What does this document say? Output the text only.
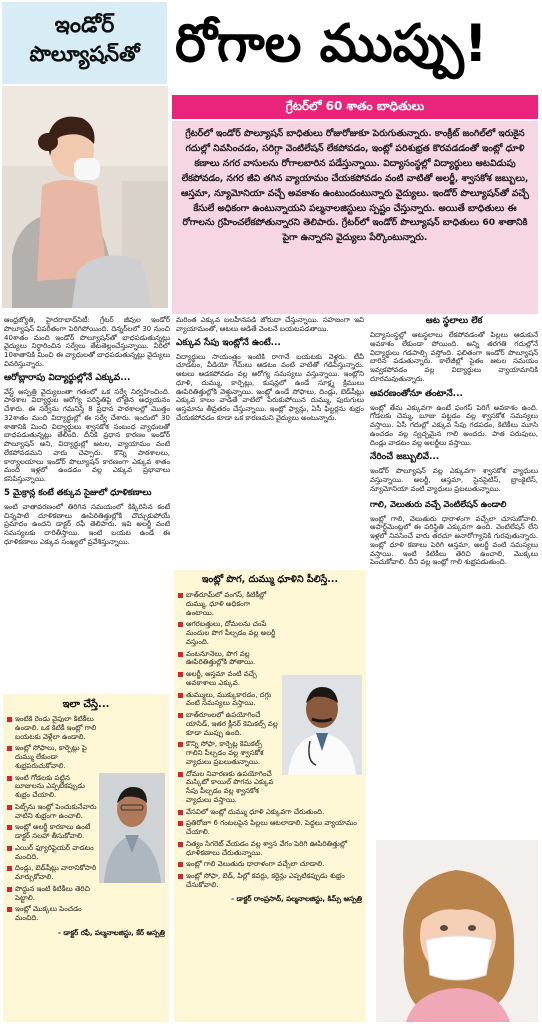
ఇండోర్
పొల్యూషన్‌తో రోగాల ముప్పు!
గ్రేటర్‌లో 60 శాతం బాధితులు

గ్రేటర్‌లో ఇండోర్ పొల్యూషన్ బాధితులు రోజురోజుకూ పెరుగుతున్నారు. కాంక్రీట్ జంగిల్‌లో ఇరుకైన గదుల్లో నివసించడం, సరిగ్గా వెంటిలేషన్ లేకపోవడం, ఇంట్లో పరిశుభ్రత కొరవడడంతో ఇంట్లో ధూళి కణాలు నగర వాసులను రోగాలబారిన పడేస్తున్నాయి. విద్యాసంస్థల్లో విద్యార్థులు ఆటవిడుపు లేకపోవడం, నగర జీవి తగిన వ్యాయామం చేయకపోవడం వంటి వాటితో అలర్జీ, శ్వాసకోశ జబ్బులు, ఆస్తమా, న్యూమోనియా వచ్చే అవకాశం ఉంటుందంటున్నారు వైద్యులు. ఇండోర్ పొల్యూషన్‌తో వచ్చే కేసులే అధికంగా ఉంటున్నాయని పల్మనాలజిస్టులు స్పష్టం చేస్తున్నారు. అయితే బాధితులు ఈ రోగాలను గ్రహించలేకపోతున్నారని తెలిపారు. గ్రేటర్‌లో ఇండోర్ పొల్యూషన్ బాధితులు 60 శాతానికి పైగా ఉన్నారని వైద్యులు పేర్కొంటున్నారు.

ఆంధ్రజ్యోతి, హైదరాబాద్‌సిటీ: గ్రేటర్ జీవుల ఇండోర్ పొల్యూషన్ విపరీతంగా పెరిగిపోయింది. దిన్నర్‌లలో 30 నుంచి 40శాతం మంది ఇండోర్ పొల్యూషన్‌తో బాధపడుతున్నట్లు వైద్యులు నిర్ధారించిన సర్వేలు తేటతెల్లంచేస్తున్నాయి. వీరిలో 10శాతానికి మించి ఈ వ్యాధులతో బాధపడుతున్నట్లు వైద్యులు వివరిస్తున్నారు.

ఆరోబ్లారాపు విద్యార్థుల్లోనే ఎక్కువ...

వేస్ట్ ఆస్పత్రి వైద్యులంతా గతంలో ఒక సర్వే నిర్వహించింది. పాఠశాల విద్యార్థుల ఆరోగ్య పరిస్థితిపై లోతైన అధ్యయనం చేశారు. ఈ సర్వేను గమనిస్తే 8 ప్రధాన పాఠశాలల్లో మొత్తం 32శాతం మంది విద్యార్థుల్లో ఈ సర్వే చేశారు. ఇందులో 30 శాతానికి మించి విద్యార్థులు శ్వాసకోశ సంబంధ వ్యాధులతో బాధపడుతున్నట్లు తేలింది. దీనికి ప్రధాన కారణం ఇండోర్ పొల్యూషన్ అని, విద్యార్థుల్లో అటల, వ్యాయామం వంటి లేకపోవడమని వారు చెప్పారు. కొన్ని పాఠశాలలు, కార్యాలయాలు ఇండోర్ పొల్యూషన్ కారణంగా ఎక్కువ శాతం మంది ఇళ్లలో ఉండడం వల్ల ఎక్కువ ప్రభావాలు కనిపిస్తున్నాయి.

5 మైక్రాన్ల కంటే తక్కువ సైజులో ధూళికణాలు

ఇంటి వాతావరణంలో తిరిగిన సమయంలో కిక్కిరిసిన కంటే చిన్నపాటి దూళికణాలు ఊపిరితిత్తుల్లోకి చొచ్చుకుపోయే ప్రమాదం ఉందని డాక్టర్ రఫీ తెలిపారు. ఇవి అలర్జీ వంటి సమస్యలకు దారితీస్తాయి. ఇంటి బయట ఉండే ఈ ధూళికణాలు ఎక్కువ సంఖ్యలో ప్రవేశిస్తున్నాయి.

ఇలా చేస్తే...
ఇంటికి రెండు వైపులా కిటికీలు ఉండాలి. ఒక కిటికీ ఇంట్లో గాలి బయటకు వెళ్లేలా ఉండాలి.
ఇంట్లో సోఫాలు, కార్పెట్లు పై దుమ్ము లేకుండా శుభ్రపరుచుకోవాలి.
ఇంటి గోడలకు పట్టిన బూజులను ఎప్పటికప్పుడు శుభ్రం చేయాలి.
పెట్స్‌ను ఇంట్లో పెంచుకునేవారు వాటిని శుభ్రంగా ఉంచాలి.
ఇంట్లో అలర్జీ కారకాలు ఉంటే డాక్టర్ సలహా తీసుకోవాలి.
ఎయిర్ ఫ్యూరిఫైయర్ వాడటం మంచిది.
దిండ్లు, బెడ్‌షీట్లు వారానికోసారి మార్చుకోవాలి.
పొద్దున ఇంటి కిటికీలు తెరిచి పెట్టాలి.
ఇంట్లో మొక్కలు పెంచడం మంచిది.
- డాక్టర్ రఫీ, పల్మనాలజిస్టు, కేర్ ఆస్పత్రి

మరింత ఎక్కువ బలహీనపడి జోరుదా చేస్తున్నాయి. సహజంగా ఇవి వ్యాయామంతో, ఆటలు ఆడితే వెంటనే బయటపడతాయి.

ఎక్కువ సేపు ఇంట్లోనే ఉంటే...

విద్యార్థులు సాయంత్రం ఇంటికి రాగానే బయటకు వెళ్లరు. టీవీ చూడటం, వీడియో గేమ్‌లు ఆడటం వంటి వాటితో గడిపేస్తున్నారు. ఆటలు ఆడకపోవడం వల్ల ఆరోగ్య సమస్యలు వస్తున్నాయి. ఇంట్లోని ధూళి, దుమ్ము, కార్పెట్లు, కుషన్లలో ఉండే సూక్ష్మ క్రిములు ఊపిరితిత్తుల్లోకి వెళ్తున్నాయి. ఇంట్లో ఉండే సోఫాలు, దిండ్లు, బెడ్‌షీట్లు ఎక్కువ కాలం వాడితే వాటిలో పేరుకుపోయిన దుమ్ము, పురుగులు ఆస్తమాను తీవ్రతరం చేస్తున్నాయి. ఇంట్లో ఫ్యాన్లు, ఏసీ ఫిల్టర్లను శుభ్రం చేయకపోవడం కూడా ఒక కారణమని వైద్యులు అంటున్నారు.

ఇంట్లో పొగ, దుమ్ము ధూళిని పీలిస్తే...
బాత్‌రూమ్‌లో వంగస్, కిటికీల్లో దుమ్ము, ధూళి అధికంగా ఉంటాయి.
ఆగరబత్తులు, దోమలను చంపే మందుల పొగ పీల్చడం వల్ల అలర్జీ వస్తుంది.
వంటనూనెలు, పొగ వల్ల ఊపిరితిత్తుల్లోకి పోతాయి.
అలర్జీ, ఆస్తమా వంటి వచ్చే అవకాశాలు ఎక్కువ.
తుమ్ములు, ముక్కుకారడం, దగ్గు వంటి సమస్యలు వస్తాయి.
బాత్‌రూంలలో ఉపయోగించే యాసిడ్, ఇతర క్లీనర్ కెమికల్స్ వల్ల కూడా ముప్పు ఉంది.
కొన్ని సోఫా, కార్పెట్ల కెమికల్స్ గాలిని పీల్చడం వల్ల శ్వాసకోశ వ్యాధులు ప్రబలుతున్నాయి.
దోమల నివారణకు ఉపయోగించే మస్కిటో కాయిల్ పొగను ఎక్కువ సేపు పీల్చడం వల్ల శ్వాసకోశ వ్యాధులు వస్తాయి.
వేసవిలో ఇంట్లో దుమ్ము ధూళి ఎక్కువగా చేరుతుంది.
ప్రతిరోజూ 6 గంటలపైన పిల్లలు ఆటలాడాలి. పెద్దలు వ్యాయామం చేయాలి.
నిత్యం సిగరెట్ వేయడం వల్ల శ్వాస వేగం పెరిగి ఊపిరితిత్తుల్లో ధూళికణాలు చేరుతున్నాయి.
ఇంట్లో గాలి వెలుతురు ధారాళంగా వచ్చేలా చూడాలి.
ఇంట్లో సోఫా, బెడ్, పిల్లో కవర్లు, కర్టెన్లు ఎప్పటికప్పుడు శుభ్రం చేసుకోవాలి.
- డాక్టర్ రాంప్రసాద్, పల్మనాలజిస్టు, కిమ్స్ ఆస్పత్రి
ఆట స్థలాలు లేక

విద్యాసంస్థల్లో ఆటస్థలాలు లేకపోవడంతో పిల్లలు ఆడుకునే అవకాశం లేకుండా పోయింది. అన్ని తరగతి గదుల్లోనే విద్యార్థులు గడపాల్సి వస్తోంది. ఫలితంగా ఇండోర్ పొల్యూషన్ బారిన పడుతున్నారు. కాలేజీల్లో సైతం ఆటల సమయం ఇవ్వకపోవడం వల్ల విద్యార్థులు వ్యాయామానికి దూరమవుతున్నారు.

ఆవరణంతోనూ తంటానే...

ఇంట్లో తేమ ఎక్కువగా ఉంటే ఫంగస్ పెరిగే అవకాశం ఉంది. గోడలకు చెమ్మ, బూజు పట్టడం వల్ల శ్వాసకోశ సమస్యలు వస్తాయి. ఏసీ గదుల్లో ఎక్కువ సేపు గడపడం, కిటికీలు మూసి ఉంచడం వల్ల స్వచ్ఛమైన గాలి అందదు. పాత పరుపులు, దిండ్లు వాడటం వల్ల అలర్జీలు వస్తాయి.

నేరించే జబ్బులివే...

ఇండోర్ పొల్యూషన్ వల్ల ఎక్కువగా శ్వాసకోశ వ్యాధులు వస్తున్నాయి. అలర్జీ, ఆస్తమా, సైనసైటిస్, బ్రాంకైటిస్, న్యూమోనియా వంటి వ్యాధులు ప్రబలుతున్నాయి.

గాలి, వెలుతురు వచ్చే వెంటిలేషన్ ఉండాలి

ఇంట్లో గాలి, వెలుతురు ధారాళంగా వచ్చేలా చూసుకోవాలి. అపార్ట్‌మెంట్లలో ఈ పరిస్థితి ఎక్కువగా ఉంది. వెంటిలేషన్ లేని ఇళ్లలో నివసించే వారు తరచూ అనారోగ్యానికి గురవుతున్నారు. ఇంట్లో ధూళి కణాలు పెరిగి ఆస్తమా, అలర్జీ వంటి సమస్యలు వస్తాయి. ఇంటి కిటికీలు తెరిచి ఉంచాలి, మొక్కలు పెంచుకోవాలి. దీని వల్ల ఇంట్లో గాలి శుభ్రపడుతుంది.
